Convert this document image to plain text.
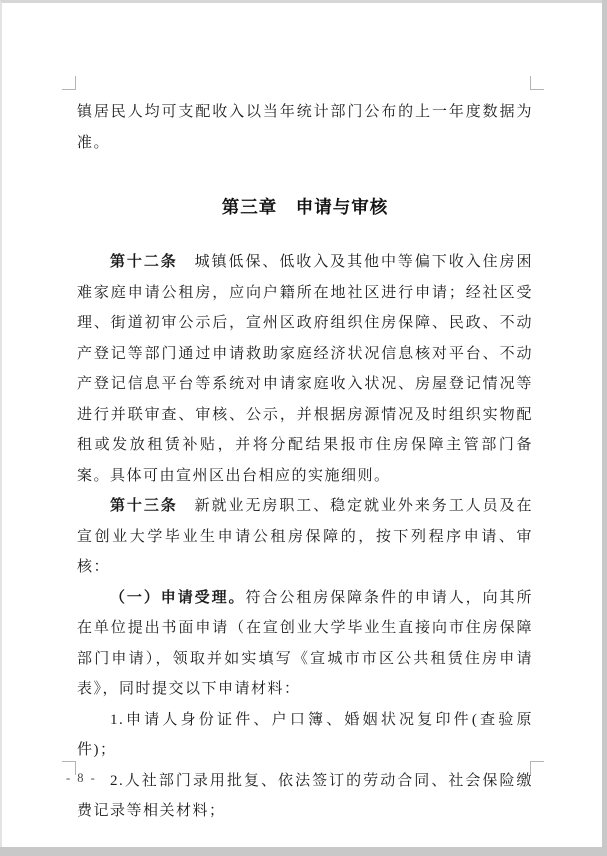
镇居民人均可支配收入以当年统计部门公布的上一年度数据为准。

第三章　申请与审核

第十二条　城镇低保、低收入及其他中等偏下收入住房困难家庭申请公租房，应向户籍所在地社区进行申请；经社区受理、街道初审公示后，宣州区政府组织住房保障、民政、不动产登记等部门通过申请救助家庭经济状况信息核对平台、不动产登记信息平台等系统对申请家庭收入状况、房屋登记情况等进行并联审查、审核、公示，并根据房源情况及时组织实物配租或发放租赁补贴，并将分配结果报市住房保障主管部门备案。具体可由宣州区出台相应的实施细则。

第十三条　新就业无房职工、稳定就业外来务工人员及在宣创业大学毕业生申请公租房保障的，按下列程序申请、审核：

（一）申请受理。符合公租房保障条件的申请人，向其所在单位提出书面申请（在宣创业大学毕业生直接向市住房保障部门申请），领取并如实填写《宣城市市区公共租赁住房申请表》，同时提交以下申请材料：

1.申请人身份证件、户口簿、婚姻状况复印件(查验原件)；

2.人社部门录用批复、依法签订的劳动合同、社会保险缴费记录等相关材料；

- 8 -
